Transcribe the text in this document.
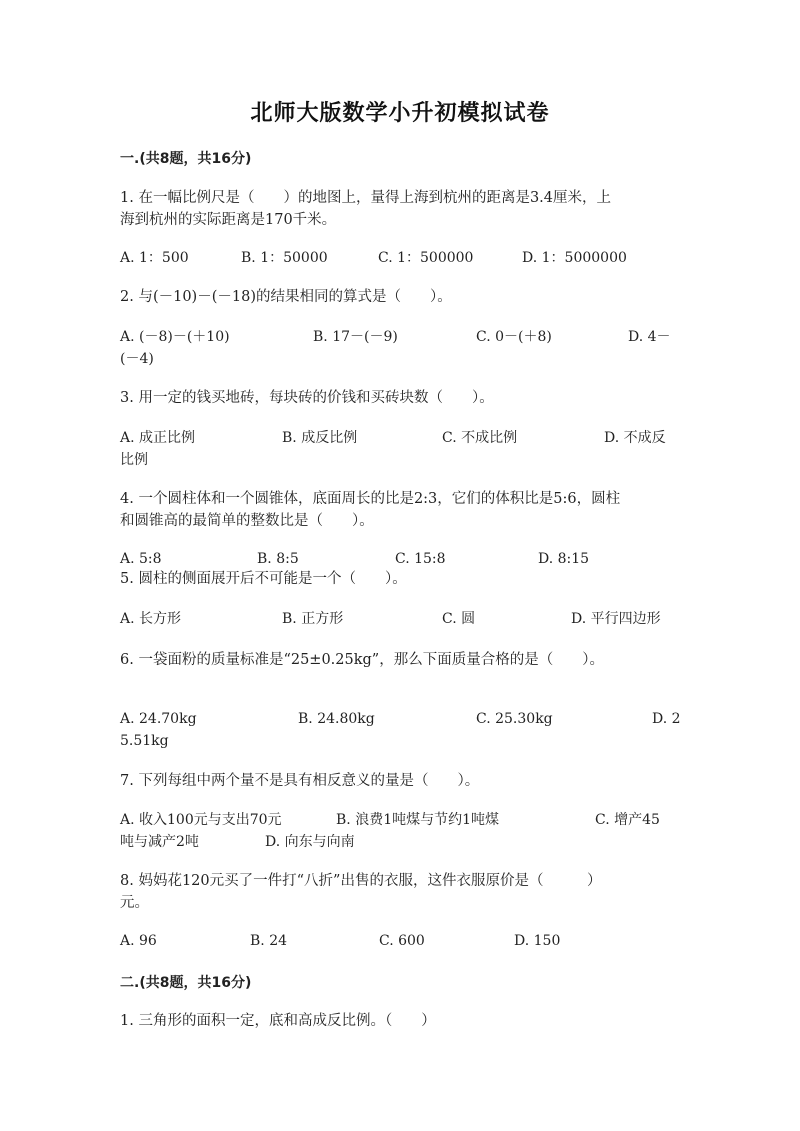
北师大版数学小升初模拟试卷
一.(共8题，共16分)
1. 在一幅比例尺是（　　）的地图上，量得上海到杭州的距离是3.4厘米，上
海到杭州的实际距离是170千米。
A. 1：500	B. 1：50000	C. 1：500000	D. 1：5000000
2. 与(－10)－(－18)的结果相同的算式是（　　）。
A. (－8)－(＋10)	B. 17－(－9)	C. 0－(＋8)	D. 4－
(－4)
3. 用一定的钱买地砖，每块砖的价钱和买砖块数（　　）。
A. 成正比例	B. 成反比例	C. 不成比例	D. 不成反
比例
4. 一个圆柱体和一个圆锥体，底面周长的比是2:3，它们的体积比是5:6，圆柱
和圆锥高的最简单的整数比是（　　）。
A. 5:8	B. 8:5	C. 15:8	D. 8:15
5. 圆柱的侧面展开后不可能是一个（　　）。
A. 长方形	B. 正方形	C. 圆	D. 平行四边形
6. 一袋面粉的质量标准是“25±0.25kg”，那么下面质量合格的是（　　）。
A. 24.70kg	B. 24.80kg	C. 25.30kg	D. 2
5.51kg
7. 下列每组中两个量不是具有相反意义的量是（　　）。
A. 收入100元与支出70元	B. 浪费1吨煤与节约1吨煤	C. 增产45
吨与减产2吨	D. 向东与向南
8. 妈妈花120元买了一件打“八折”出售的衣服，这件衣服原价是（　　　）
元。
A. 96	B. 24	C. 600	D. 150
二.(共8题，共16分)
1. 三角形的面积一定，底和高成反比例。（　　）
